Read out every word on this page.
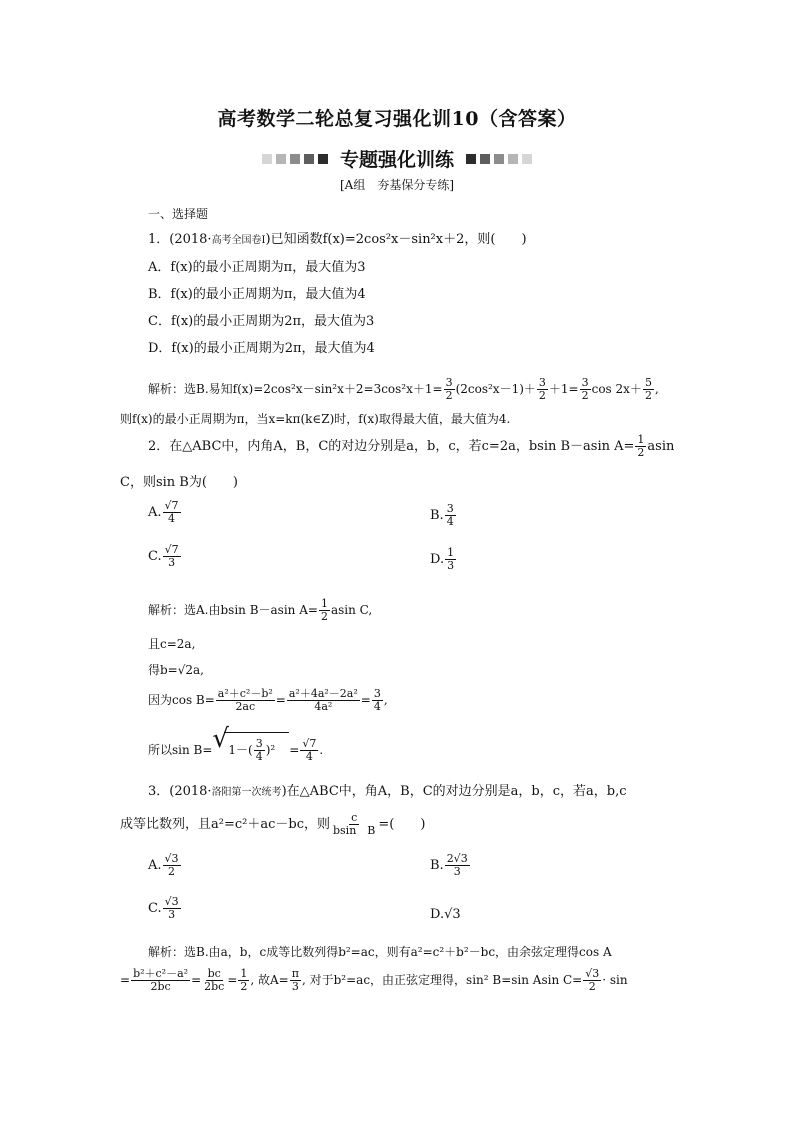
高考数学二轮总复习强化训10（含答案）
专题强化训练
[A组　夯基保分专练]
一、选择题
1．(2018·高考全国卷Ⅰ)已知函数f(x)=2cos²x－sin²x＋2，则(　　)
A．f(x)的最小正周期为π，最大值为3
B．f(x)的最小正周期为π，最大值为4
C．f(x)的最小正周期为2π，最大值为3
D．f(x)的最小正周期为2π，最大值为4
解析：选B.易知$f(x)=2\cos^2x-\sin^2x+2=3\cos^2x+1= \frac{3}{2} (2\cos^2x-1)+ \frac{3}{2} +1= \frac{3}{2}$ $\cos 2x+ \frac{5}{2}$ ,
则f(x)的最小正周期为π，当x=kπ(k∈Z)时，f(x)取得最大值，最大值为4.
2．在△ABC中，内角A，B，C的对边分别是a，b，c，若c=2a，bsin B－asin $A= \frac{1}{2}$ asin
C，则sin B为(　　)
A. $\frac{√7}{4}$	B. $\frac{3}{4}$
C. $\frac{√7}{3}$	D. $\frac{1}{3}$
解析：选A.由bsin B－asin $A= \frac{1}{2}$ asin C,
且c=2a,
得b=√2a,
因为$\cos B= \frac{\text{a²＋c²－b²}}{2ac} = \frac{\text{a²＋4a²－2a²}}{\text{4a²}} = \frac{3}{4}$ ,
所以sin B= √ $1-( \frac{3}{4} )^2 = \frac{√7}{4}$ .
3．(2018·洛阳第一次统考)在△ABC中，角A，B，C的对边分别是a，b，c，若a，b,c
成等比数列，且a²=c²＋ac－bc，则 $\frac{c}{\text{bsin　B}}$ =(　　)
A. $\frac{√3}{2}$	B. $\frac{2√3}{3}$
C. $\frac{√3}{3}$	D.√3
解析：选B.由a，b，c成等比数列得b²=ac，则有a²=c²＋b²－bc，由余弦定理得cos A
= $\frac{\text{b²＋c²－a²}}{2bc} = \frac{bc}{2bc} = \frac{1}{2}$ , 故$A= \frac{\pi}{3}$ , 对于b²=ac，由正弦定理得，sin² B=sin Asin $C= \frac{√3}{2} \cdot \sin$
